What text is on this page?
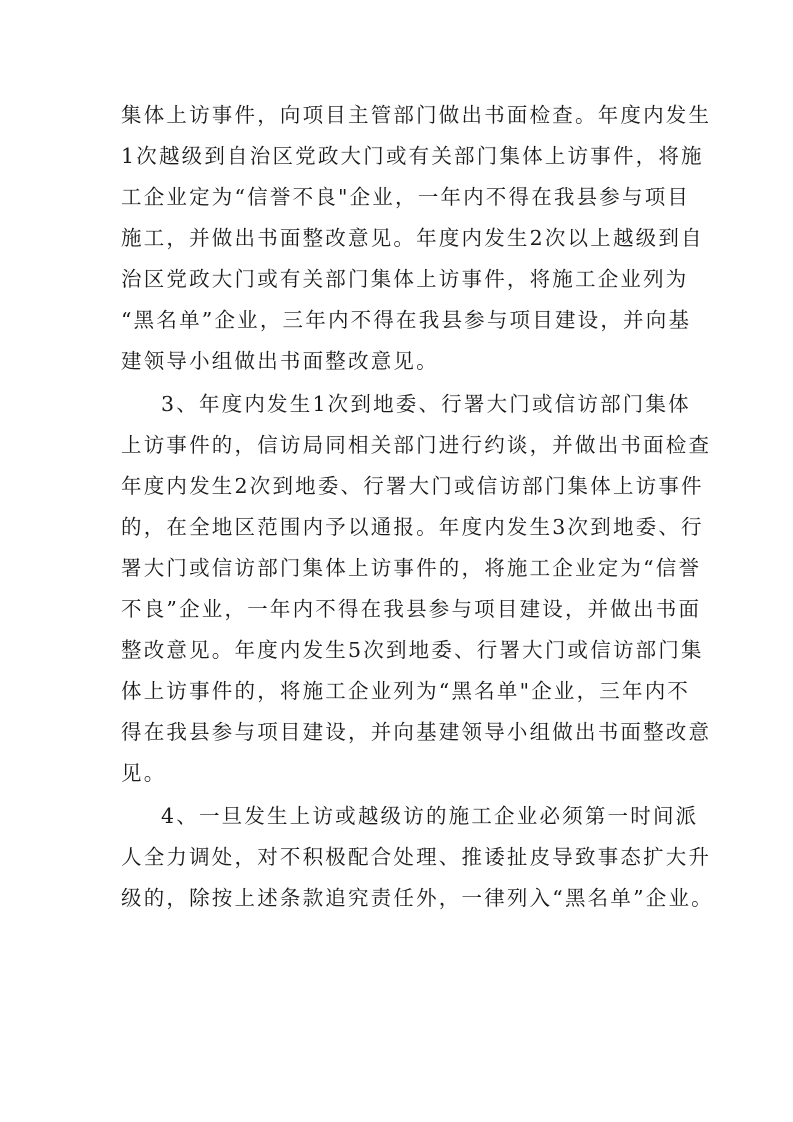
集体上访事件，向项目主管部门做出书面检查。年度内发生
1次越级到自治区党政大门或有关部门集体上访事件，将施
工企业定为“信誉不良"企业，一年内不得在我县参与项目
施工，并做出书面整改意见。年度内发生2次以上越级到自
治区党政大门或有关部门集体上访事件，将施工企业列为
“黑名单”企业，三年内不得在我县参与项目建设，并向基
建领导小组做出书面整改意见。
3、年度内发生1次到地委、行署大门或信访部门集体
上访事件的，信访局同相关部门进行约谈，并做出书面检查
年度内发生2次到地委、行署大门或信访部门集体上访事件
的，在全地区范围内予以通报。年度内发生3次到地委、行
署大门或信访部门集体上访事件的，将施工企业定为“信誉
不良”企业，一年内不得在我县参与项目建设，并做出书面
整改意见。年度内发生5次到地委、行署大门或信访部门集
体上访事件的，将施工企业列为“黑名单"企业，三年内不
得在我县参与项目建设，并向基建领导小组做出书面整改意
见。
4、一旦发生上访或越级访的施工企业必须第一时间派
人全力调处，对不积极配合处理、推诿扯皮导致事态扩大升
级的，除按上述条款追究责任外，一律列入“黑名单”企业。
